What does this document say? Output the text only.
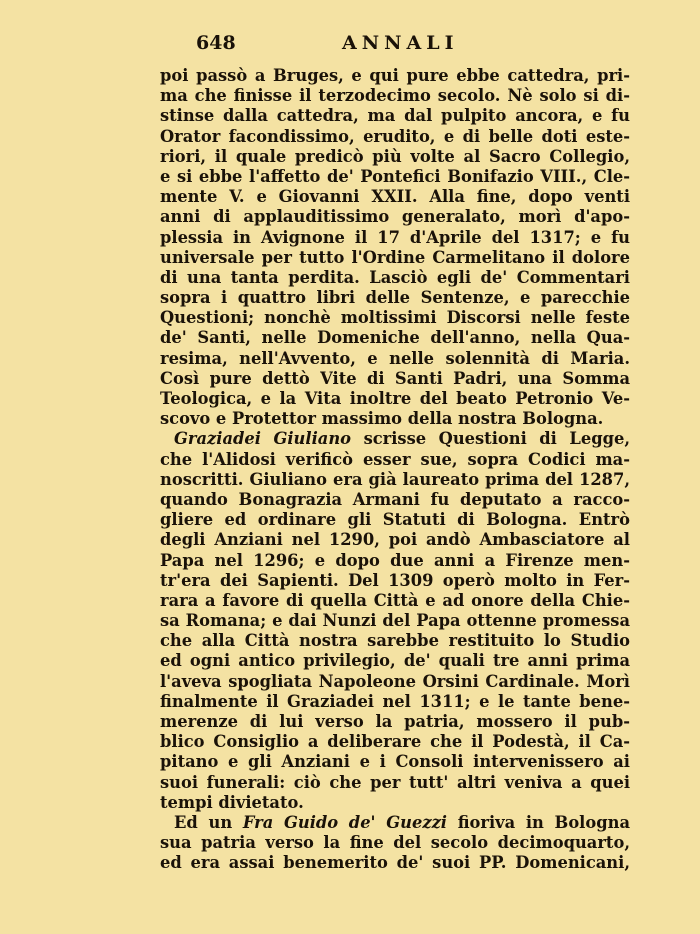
648	ANNALI
poi passò a Bruges, e qui pure ebbe cattedra, pri-
ma che finisse il terzodecimo secolo. Nè solo si di-
stinse dalla cattedra, ma dal pulpito ancora, e fu
Orator facondissimo, erudito, e di belle doti este-
riori, il quale predicò più volte al Sacro Collegio,
e si ebbe l'affetto de' Pontefici Bonifazio VIII., Cle-
mente V. e Giovanni XXII. Alla fine, dopo venti
anni di applauditissimo generalato, morì d'apo-
plessia in Avignone il 17 d'Aprile del 1317; e fu
universale per tutto l'Ordine Carmelitano il dolore
di una tanta perdita. Lasciò egli de' Commentari
sopra i quattro libri delle Sentenze, e parecchie
Questioni; nonchè moltissimi Discorsi nelle feste
de' Santi, nelle Domeniche dell'anno, nella Qua-
resima, nell'Avvento, e nelle solennità di Maria.
Così pure dettò Vite di Santi Padri, una Somma
Teologica, e la Vita inoltre del beato Petronio Ve-
scovo e Protettor massimo della nostra Bologna.
Graziadei Giuliano scrisse Questioni di Legge,
che l'Alidosi verificò esser sue, sopra Codici ma-
noscritti. Giuliano era già laureato prima del 1287,
quando Bonagrazia Armani fu deputato a racco-
gliere ed ordinare gli Statuti di Bologna. Entrò
degli Anziani nel 1290, poi andò Ambasciatore al
Papa nel 1296; e dopo due anni a Firenze men-
tr'era dei Sapienti. Del 1309 operò molto in Fer-
rara a favore di quella Città e ad onore della Chie-
sa Romana; e dai Nunzi del Papa ottenne promessa
che alla Città nostra sarebbe restituito lo Studio
ed ogni antico privilegio, de' quali tre anni prima
l'aveva spogliata Napoleone Orsini Cardinale. Morì
finalmente il Graziadei nel 1311; e le tante bene-
merenze di lui verso la patria, mossero il pub-
blico Consiglio a deliberare che il Podestà, il Ca-
pitano e gli Anziani e i Consoli intervenissero ai
suoi funerali: ciò che per tutt' altri veniva a quei
tempi divietato.
Ed un Fra Guido de' Guezzi fioriva in Bologna
sua patria verso la fine del secolo decimoquarto,
ed era assai benemerito de' suoi PP. Domenicani,
